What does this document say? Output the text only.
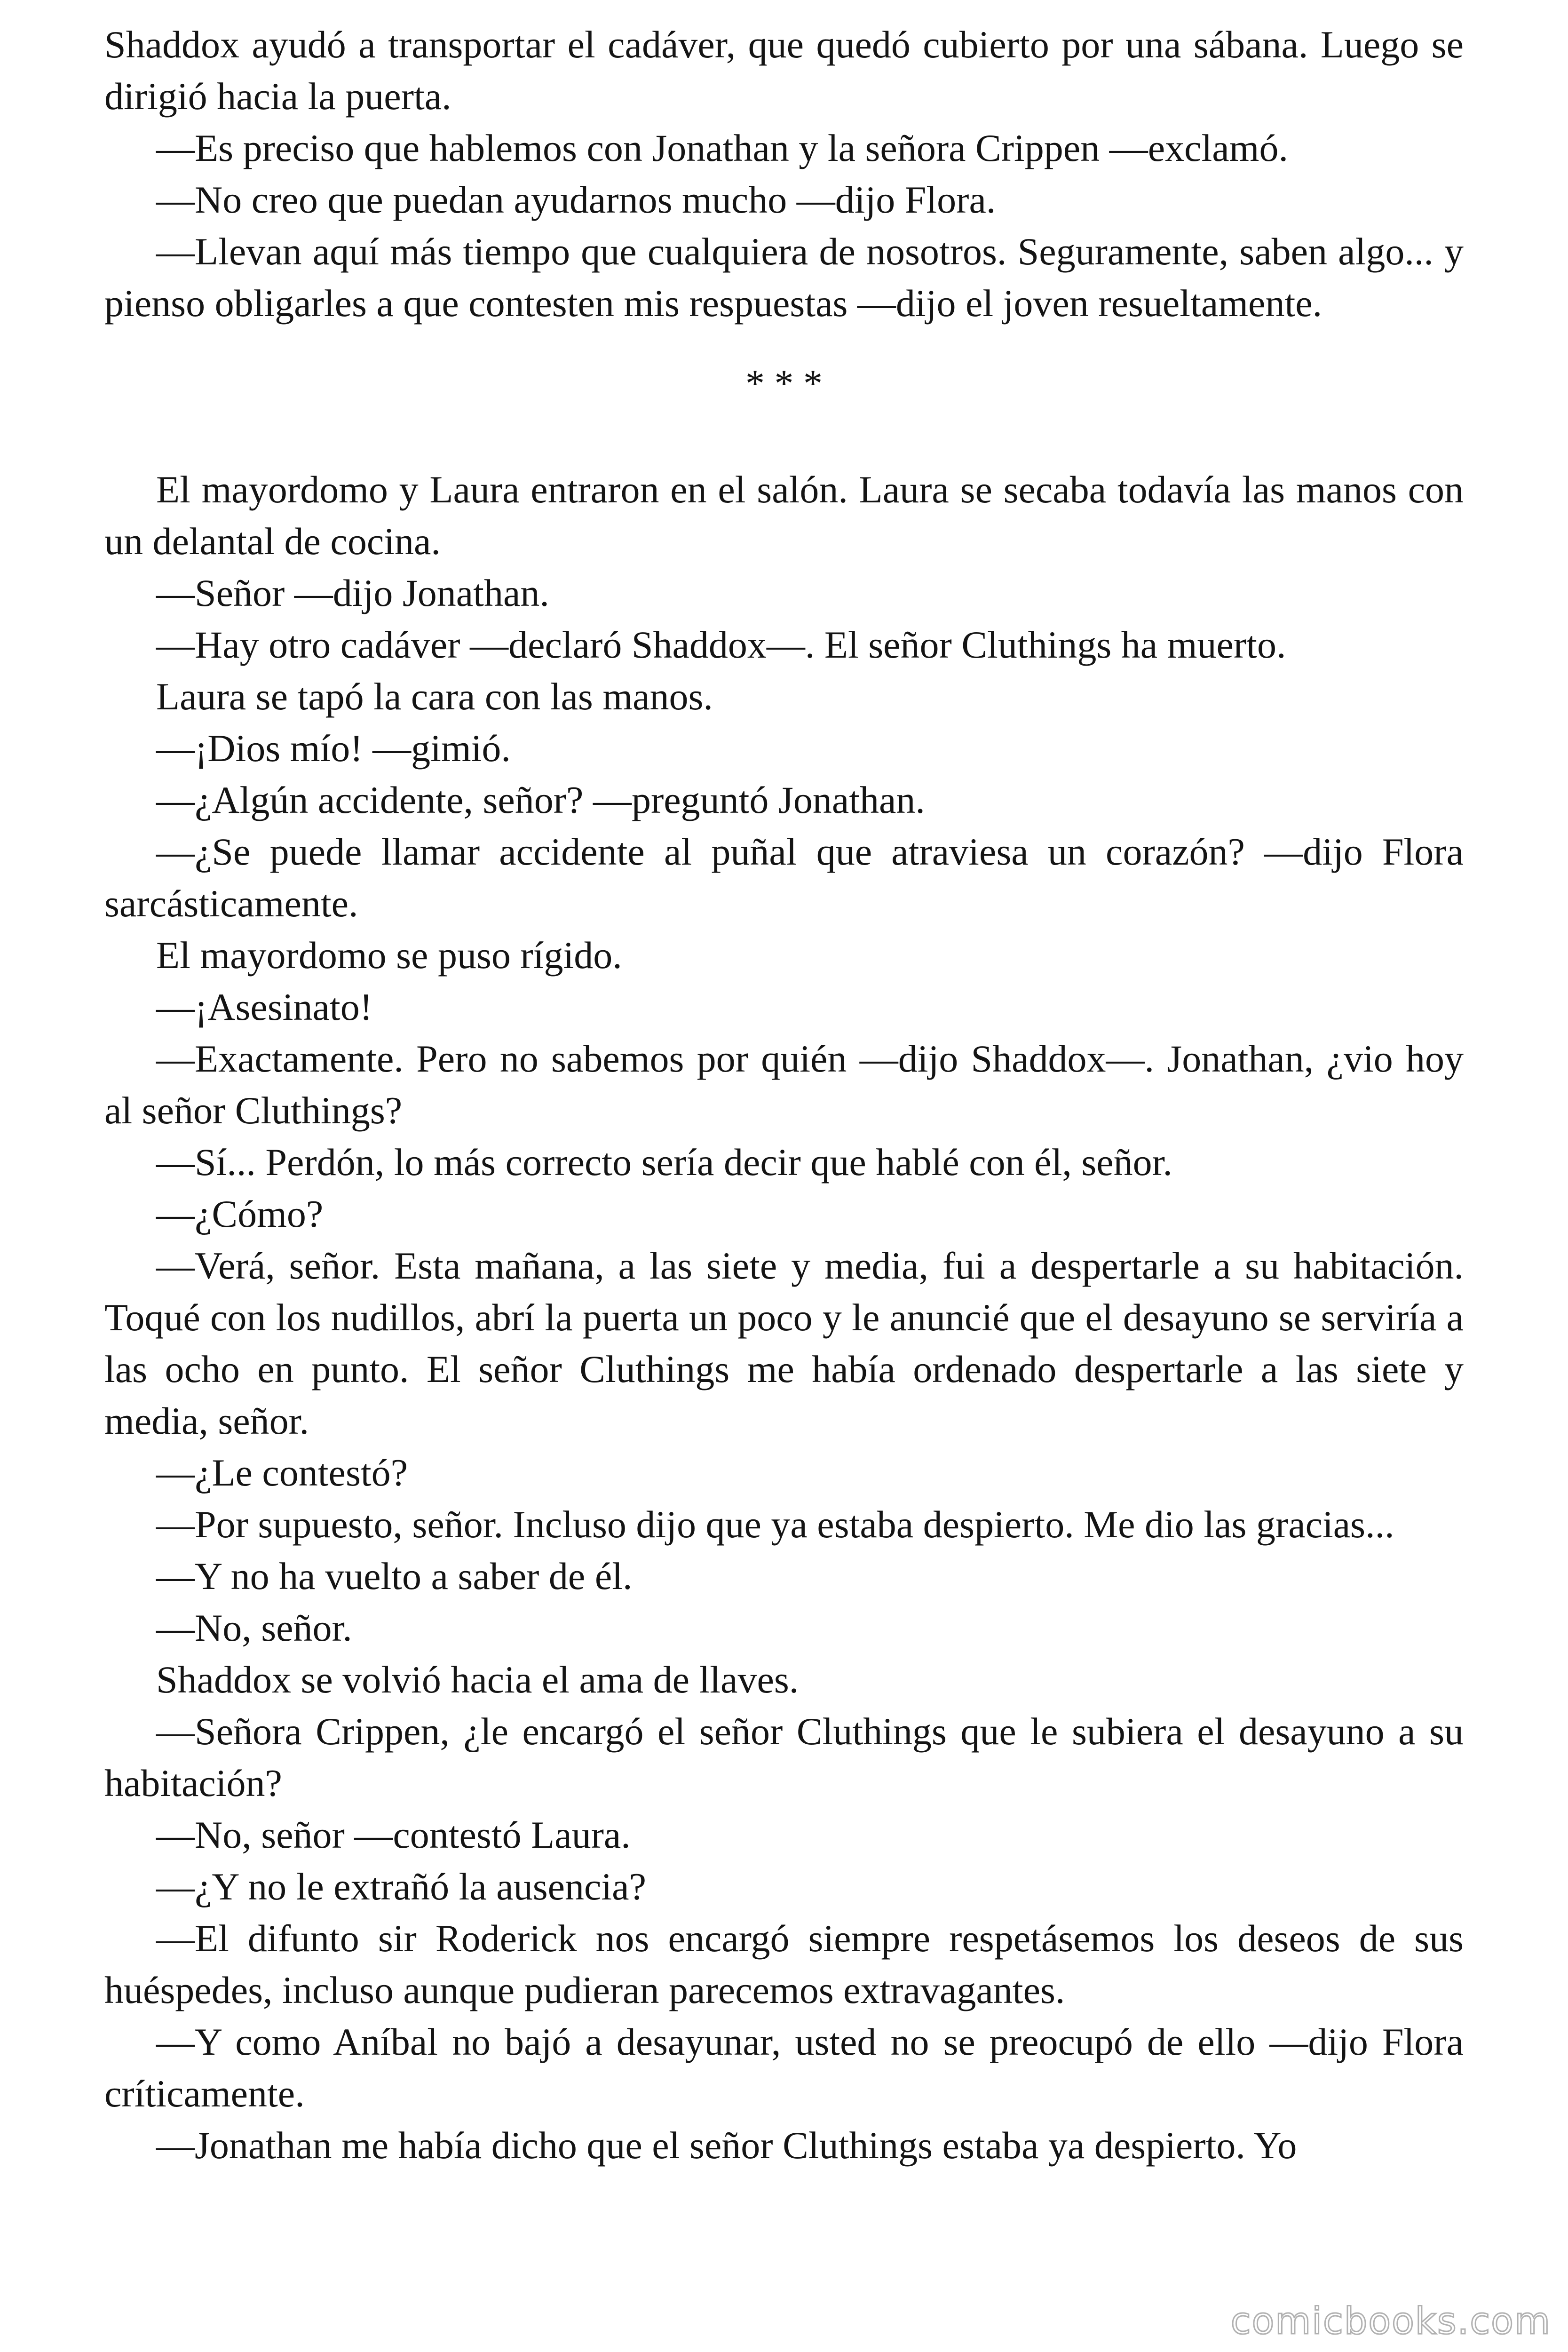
Shaddox ayudó a transportar el cadáver, que quedó cubierto por una sábana. Luego se dirigió hacia la puerta.

—Es preciso que hablemos con Jonathan y la señora Crippen —exclamó.

—No creo que puedan ayudarnos mucho —dijo Flora.

—Llevan aquí más tiempo que cualquiera de nosotros. Seguramente, saben algo... y pienso obligarles a que contesten mis respuestas —dijo el joven resueltamente.

* * *

El mayordomo y Laura entraron en el salón. Laura se secaba todavía las manos con un delantal de cocina.

—Señor —dijo Jonathan.

—Hay otro cadáver —declaró Shaddox—. El señor Cluthings ha muerto.

Laura se tapó la cara con las manos.

—¡Dios mío! —gimió.

—¿Algún accidente, señor? —preguntó Jonathan.

—¿Se puede llamar accidente al puñal que atraviesa un corazón? —dijo Flora sarcásticamente.

El mayordomo se puso rígido.

—¡Asesinato!

—Exactamente. Pero no sabemos por quién —dijo Shaddox—. Jonathan, ¿vio hoy al señor Cluthings?

—Sí... Perdón, lo más correcto sería decir que hablé con él, señor.

—¿Cómo?

—Verá, señor. Esta mañana, a las siete y media, fui a despertarle a su habitación. Toqué con los nudillos, abrí la puerta un poco y le anuncié que el desayuno se serviría a las ocho en punto. El señor Cluthings me había ordenado despertarle a las siete y media, señor.

—¿Le contestó?

—Por supuesto, señor. Incluso dijo que ya estaba despierto. Me dio las gracias...

—Y no ha vuelto a saber de él.

—No, señor.

Shaddox se volvió hacia el ama de llaves.

—Señora Crippen, ¿le encargó el señor Cluthings que le subiera el desayuno a su habitación?

—No, señor —contestó Laura.

—¿Y no le extrañó la ausencia?

—El difunto sir Roderick nos encargó siempre respetásemos los deseos de sus huéspedes, incluso aunque pudieran parecemos extravagantes.

—Y como Aníbal no bajó a desayunar, usted no se preocupó de ello —dijo Flora críticamente.

—Jonathan me había dicho que el señor Cluthings estaba ya despierto. Yo

comicbooks.com
